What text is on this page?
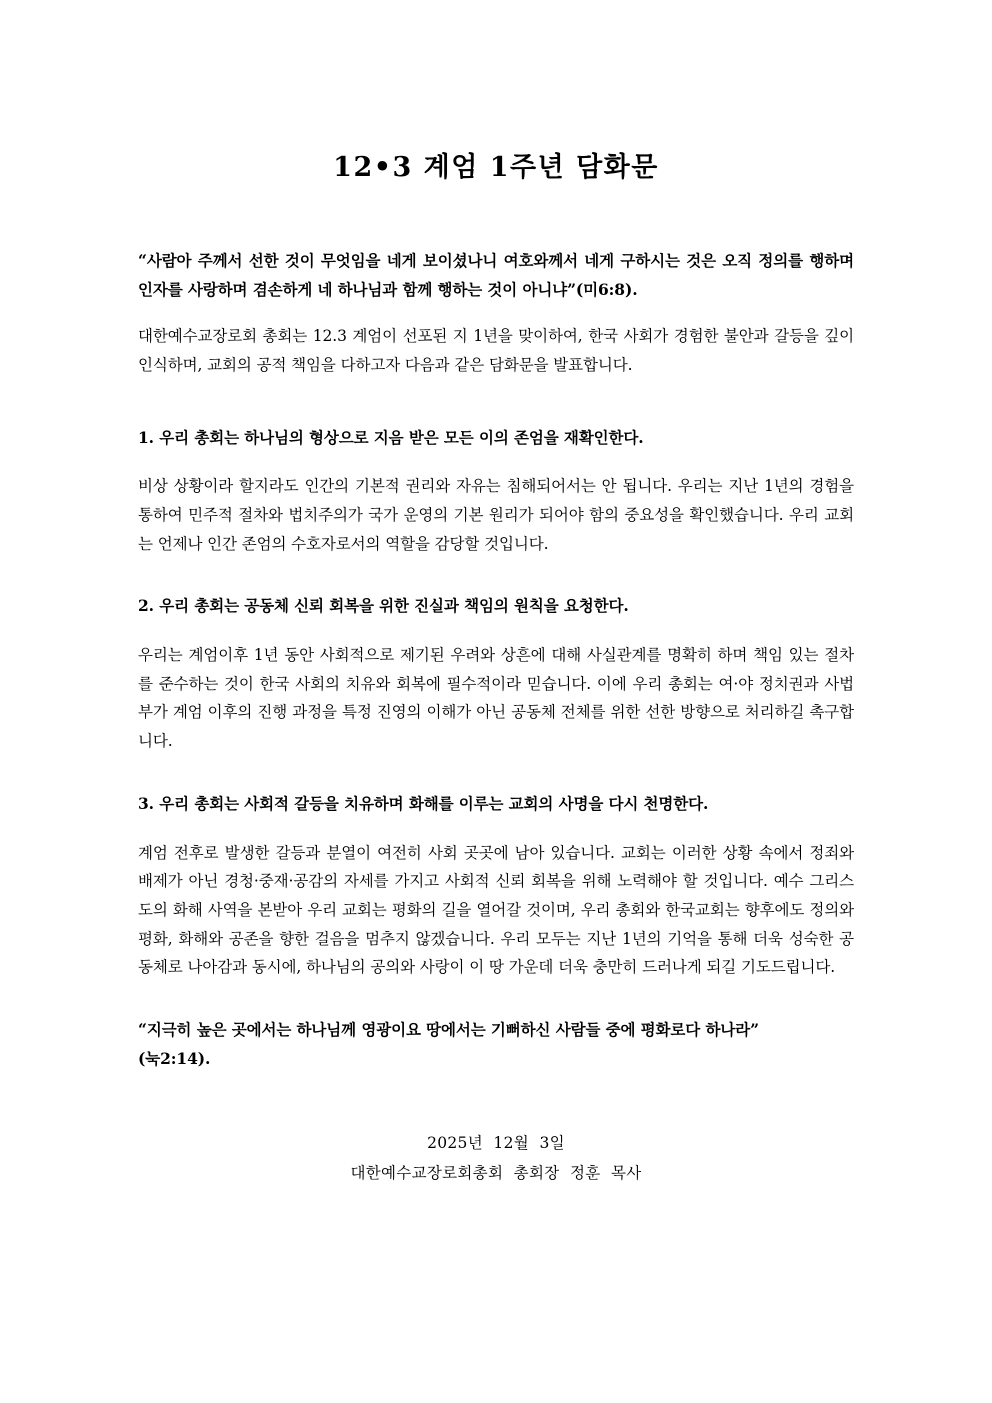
12•3 계엄 1주년 담화문

“사람아 주께서 선한 것이 무엇임을 네게 보이셨나니 여호와께서 네게 구하시는 것은 오직 정의를 행하며 인자를 사랑하며 겸손하게 네 하나님과 함께 행하는 것이 아니냐”(미6:8).

대한예수교장로회 총회는 12.3 계엄이 선포된 지 1년을 맞이하여, 한국 사회가 경험한 불안과 갈등을 깊이 인식하며, 교회의 공적 책임을 다하고자 다음과 같은 담화문을 발표합니다.

1. 우리 총회는 하나님의 형상으로 지음 받은 모든 이의 존엄을 재확인한다.

비상 상황이라 할지라도 인간의 기본적 권리와 자유는 침해되어서는 안 됩니다. 우리는 지난 1년의 경험을 통하여 민주적 절차와 법치주의가 국가 운영의 기본 원리가 되어야 함의 중요성을 확인했습니다. 우리 교회는 언제나 인간 존엄의 수호자로서의 역할을 감당할 것입니다.

2. 우리 총회는 공동체 신뢰 회복을 위한 진실과 책임의 원칙을 요청한다.

우리는 계엄이후 1년 동안 사회적으로 제기된 우려와 상흔에 대해 사실관계를 명확히 하며 책임 있는 절차를 준수하는 것이 한국 사회의 치유와 회복에 필수적이라 믿습니다. 이에 우리 총회는 여·야 정치권과 사법부가 계엄 이후의 진행 과정을 특정 진영의 이해가 아닌 공동체 전체를 위한 선한 방향으로 처리하길 촉구합니다.

3. 우리 총회는 사회적 갈등을 치유하며 화해를 이루는 교회의 사명을 다시 천명한다.

계엄 전후로 발생한 갈등과 분열이 여전히 사회 곳곳에 남아 있습니다. 교회는 이러한 상황 속에서 정죄와 배제가 아닌 경청·중재·공감의 자세를 가지고 사회적 신뢰 회복을 위해 노력해야 할 것입니다. 예수 그리스도의 화해 사역을 본받아 우리 교회는 평화의 길을 열어갈 것이며, 우리 총회와 한국교회는 향후에도 정의와 평화, 화해와 공존을 향한 걸음을 멈추지 않겠습니다. 우리 모두는 지난 1년의 기억을 통해 더욱 성숙한 공동체로 나아감과 동시에, 하나님의 공의와 사랑이 이 땅 가운데 더욱 충만히 드러나게 되길 기도드립니다.

“지극히 높은 곳에서는 하나님께 영광이요 땅에서는 기뻐하신 사람들 중에 평화로다 하나라”
(눅2:14).

2025년  12월  3일
대한예수교장로회총회  총회장  정훈  목사
